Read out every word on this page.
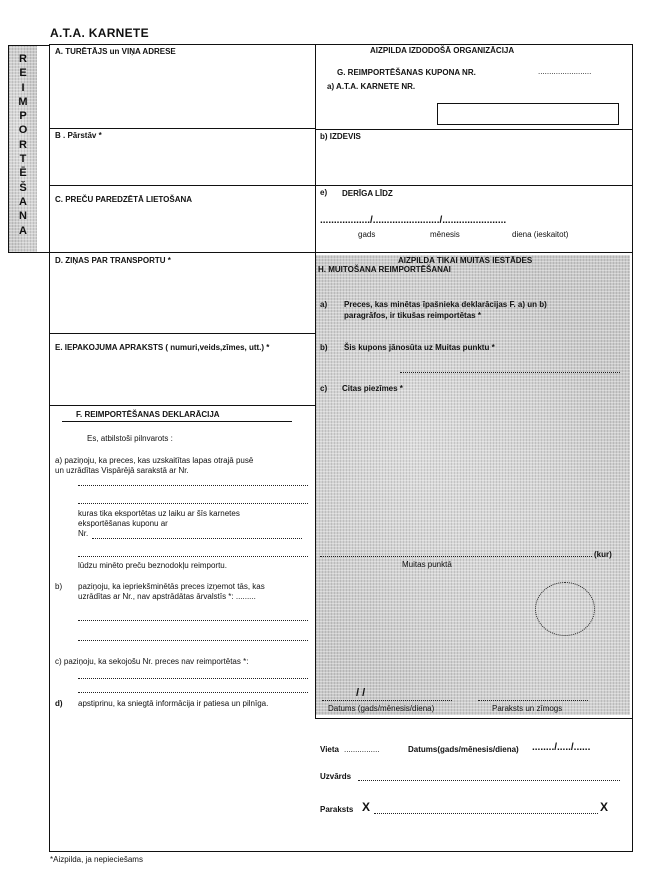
A.T.A. KARNETE
R
E
I
M
P
O
R
T
Ē
Š
A
N
A
A. TURĒTĀJS un VIŅA ADRESE
B . Pārstāv *
C. PREČU PAREDZĒTĀ LIETOŠANA
D. ZIŅAS PAR TRANSPORTU *
E. IEPAKOJUMA APRAKSTS ( numuri,veids,zīmes, utt.) *
AIZPILDA IZDODOŠĀ ORGANIZĀCIJA
G. REIMPORTĒŠANAS KUPONA NR.	........................
a) A.T.A. KARNETE NR.
b) IZDEVIS
e) DERĪGA LĪDZ
................../......................../.......................
gads	mēnesis	diena (ieskaitot)
AIZPILDA TIKAI MUITAS IESTĀDES
H. MUITOŠANA REIMPORTĒŠANAI
a) Preces, kas minētas īpašnieka deklarācijas F. a) un b)
paragrāfos, ir tikušas reimportētas *
b) Šis kupons jānosūta uz Muitas punktu *
c) Citas piezīmes *
(kur)
Muitas punktā
/ /
Datums (gads/mēnesis/diena)	Paraksts un zīmogs
F. REIMPORTĒŠANAS DEKLARĀCIJA
Es, atbilstoši pilnvarots :
a) paziņoju, ka preces, kas uzskaitītas lapas otrajā pusē
un uzrādītas Vispārējā sarakstā ar Nr.
kuras tika eksportētas uz laiku ar šīs karnetes
eksportēšanas kuponu ar
Nr.
lūdzu minēto preču beznodokļu reimportu.
b) paziņoju, ka iepriekšminētās preces izņemot tās, kas
uzrādītas ar Nr., nav apstrādātas ārvalstīs *: .........
c) paziņoju, ka sekojošu Nr. preces nav reimportētas *:
d) apstiprinu, ka sniegtā informācija ir patiesa un pilnīga.
Vieta ................	Datums(gads/mēnesis/diena) ......../...../......
Uzvārds
Paraksts X	X
*Aizpilda, ja nepieciešams
